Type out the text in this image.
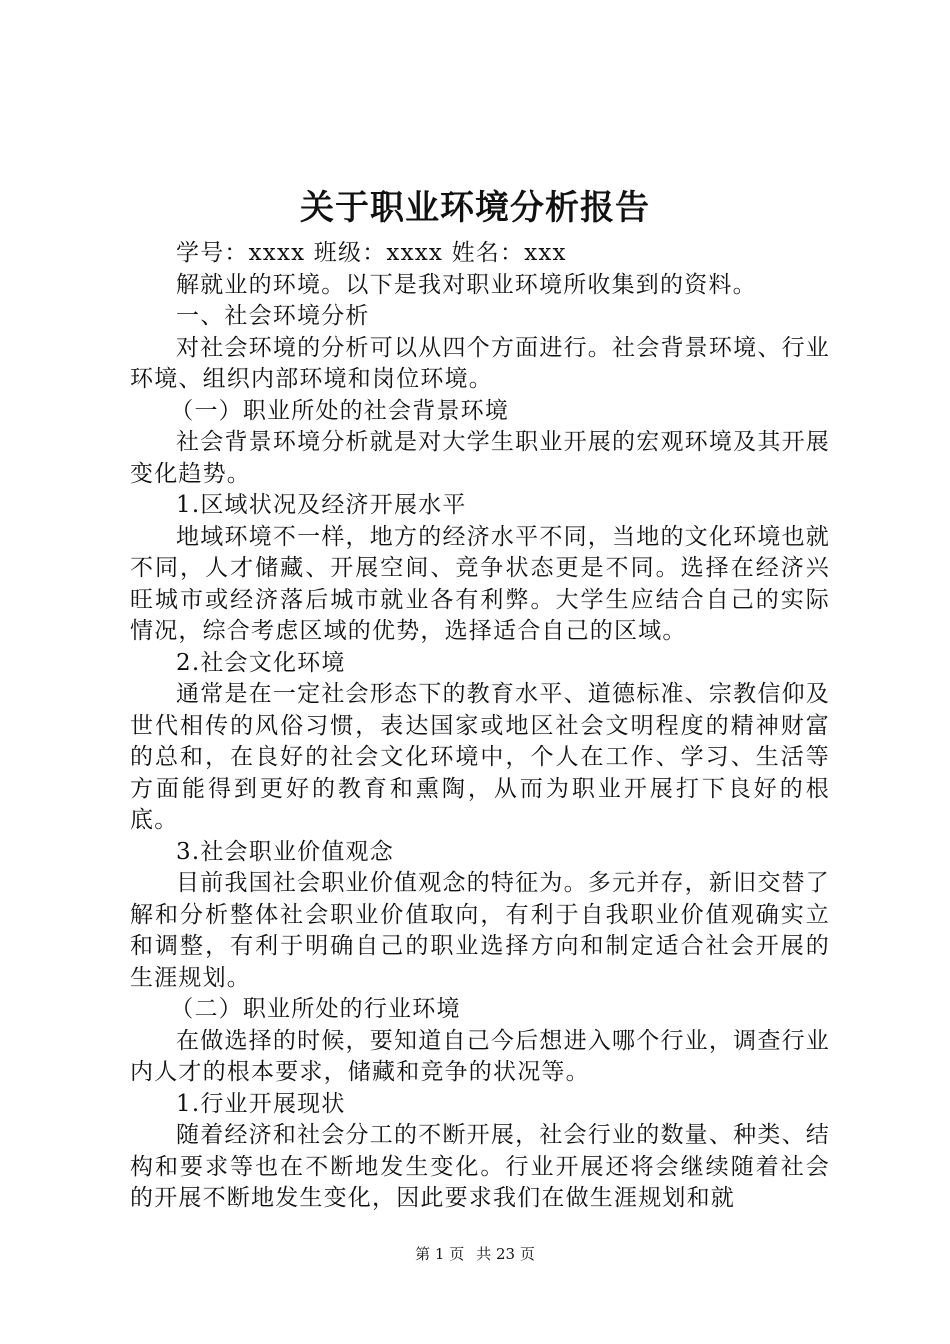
关于职业环境分析报告

学号：xxxx 班级：xxxx 姓名：xxx

解就业的环境。以下是我对职业环境所收集到的资料。

一、社会环境分析

对社会环境的分析可以从四个方面进行。社会背景环境、行业环境、组织内部环境和岗位环境。

（一）职业所处的社会背景环境

社会背景环境分析就是对大学生职业开展的宏观环境及其开展变化趋势。

1.区域状况及经济开展水平

地域环境不一样，地方的经济水平不同，当地的文化环境也就不同，人才储藏、开展空间、竞争状态更是不同。选择在经济兴旺城市或经济落后城市就业各有利弊。大学生应结合自己的实际情况，综合考虑区域的优势，选择适合自己的区域。

2.社会文化环境

通常是在一定社会形态下的教育水平、道德标准、宗教信仰及世代相传的风俗习惯，表达国家或地区社会文明程度的精神财富的总和，在良好的社会文化环境中，个人在工作、学习、生活等方面能得到更好的教育和熏陶，从而为职业开展打下良好的根底。

3.社会职业价值观念

目前我国社会职业价值观念的特征为。多元并存，新旧交替了解和分析整体社会职业价值取向，有利于自我职业价值观确实立和调整，有利于明确自己的职业选择方向和制定适合社会开展的生涯规划。

（二）职业所处的行业环境

在做选择的时候，要知道自己今后想进入哪个行业，调查行业内人才的根本要求，储藏和竞争的状况等。

1.行业开展现状

随着经济和社会分工的不断开展，社会行业的数量、种类、结构和要求等也在不断地发生变化。行业开展还将会继续随着社会的开展不断地发生变化，因此要求我们在做生涯规划和就

第 1 页 共 23 页
